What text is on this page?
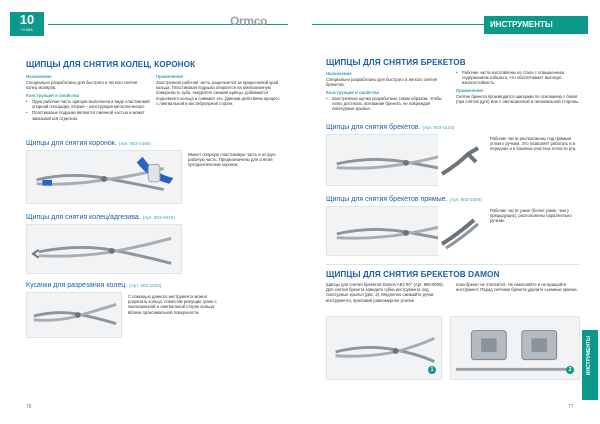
10
ГЛАВА
Ormco
ЩИПЦЫ ДЛЯ СНЯТИЯ КОЛЕЦ, КОРОНОК
Назначение
Специально разработаны для быстрого и легкого снятия колец моляров.
Конструкция и свойства
• Одна рабочая часть щипцов выполнена в виде пластиковой опорной площадки, вторая – конструкция металлическая.
• Пластиковые подушки являются сменной частью и может заказываться отдельно.
Применение
Заостренная рабочая часть защелкается за придесневой край кольца. Пластиковая подушка опирается на окклюзионную поверхность зуба. Аккуратно сжимая щипцы, добиваются подъемного кольца и снимают его. Данным действием процесс с лингвальной и вестибулярной сторон.
Щипцы для снятия коронок. (Арт. 803-0490)
Имеют опорную пластиковую часть и острую рабочую часть. Предназначены для снятия ортодонтических коронок.
Щипцы для снятия колец/адгезива. (Арт. 803-0410)
Кусачки для разрезания колец. (Арт. 803-1020)
С помощью данного инструмента можно разрезать кольцо, поместив режущие грани с окклюзионной и лингвальной сторон кольца вблизи проксимальной поверхности.
76
ИНСТРУМЕНТЫ
ЩИПЦЫ ДЛЯ СНЯТИЯ БРЕКЕТОВ
Назначение
Специально разработаны для быстрого и легкого снятия брекетов.
Конструкция и свойства
• Заостренные щечки разработаны таким образом, чтобы легко достигать основания брекета, не повреждая лигатурные крылья.
• Рабочие части изготовлены из стали с повышенным содержанием кобальта, что обеспечивает высокую износостойкость.
Применение
Снятие брекета производится щипцами по основанию с боков (при снятой дуге) или с окклюзионной и гингивальной стороны.
Щипцы для снятия брекетов. (Арт. 803-0104)
Рабочие части расположены под прямым углом к ручкам. Это позволяет работать и в передних и в боковых участках полости рта.
Щипцы для снятия брекетов прямые. (Арт. 803-0305)
Рабочие части узкие (более узкие, чем у предыдущих), расположены параллельно ручкам.
ЩИПЦЫ ДЛЯ СНЯТИЯ БРЕКЕТОВ DAMON
Щипцы для снятия брекетов Damon AE2 90° (Арт. 866-6005). Для снятия брекета заведите губки инструмента под лигатурные крылья (рис. 2). Медленно сжимайте ручки инструмента, приложив равномерное усилие,
пока брекет не отклеится. Не наклоняйте и не вращайте инструмент. Парад снятием брекета удалите сьемные крючки.
1	2
77
ИНСТРУМЕНТЫ
